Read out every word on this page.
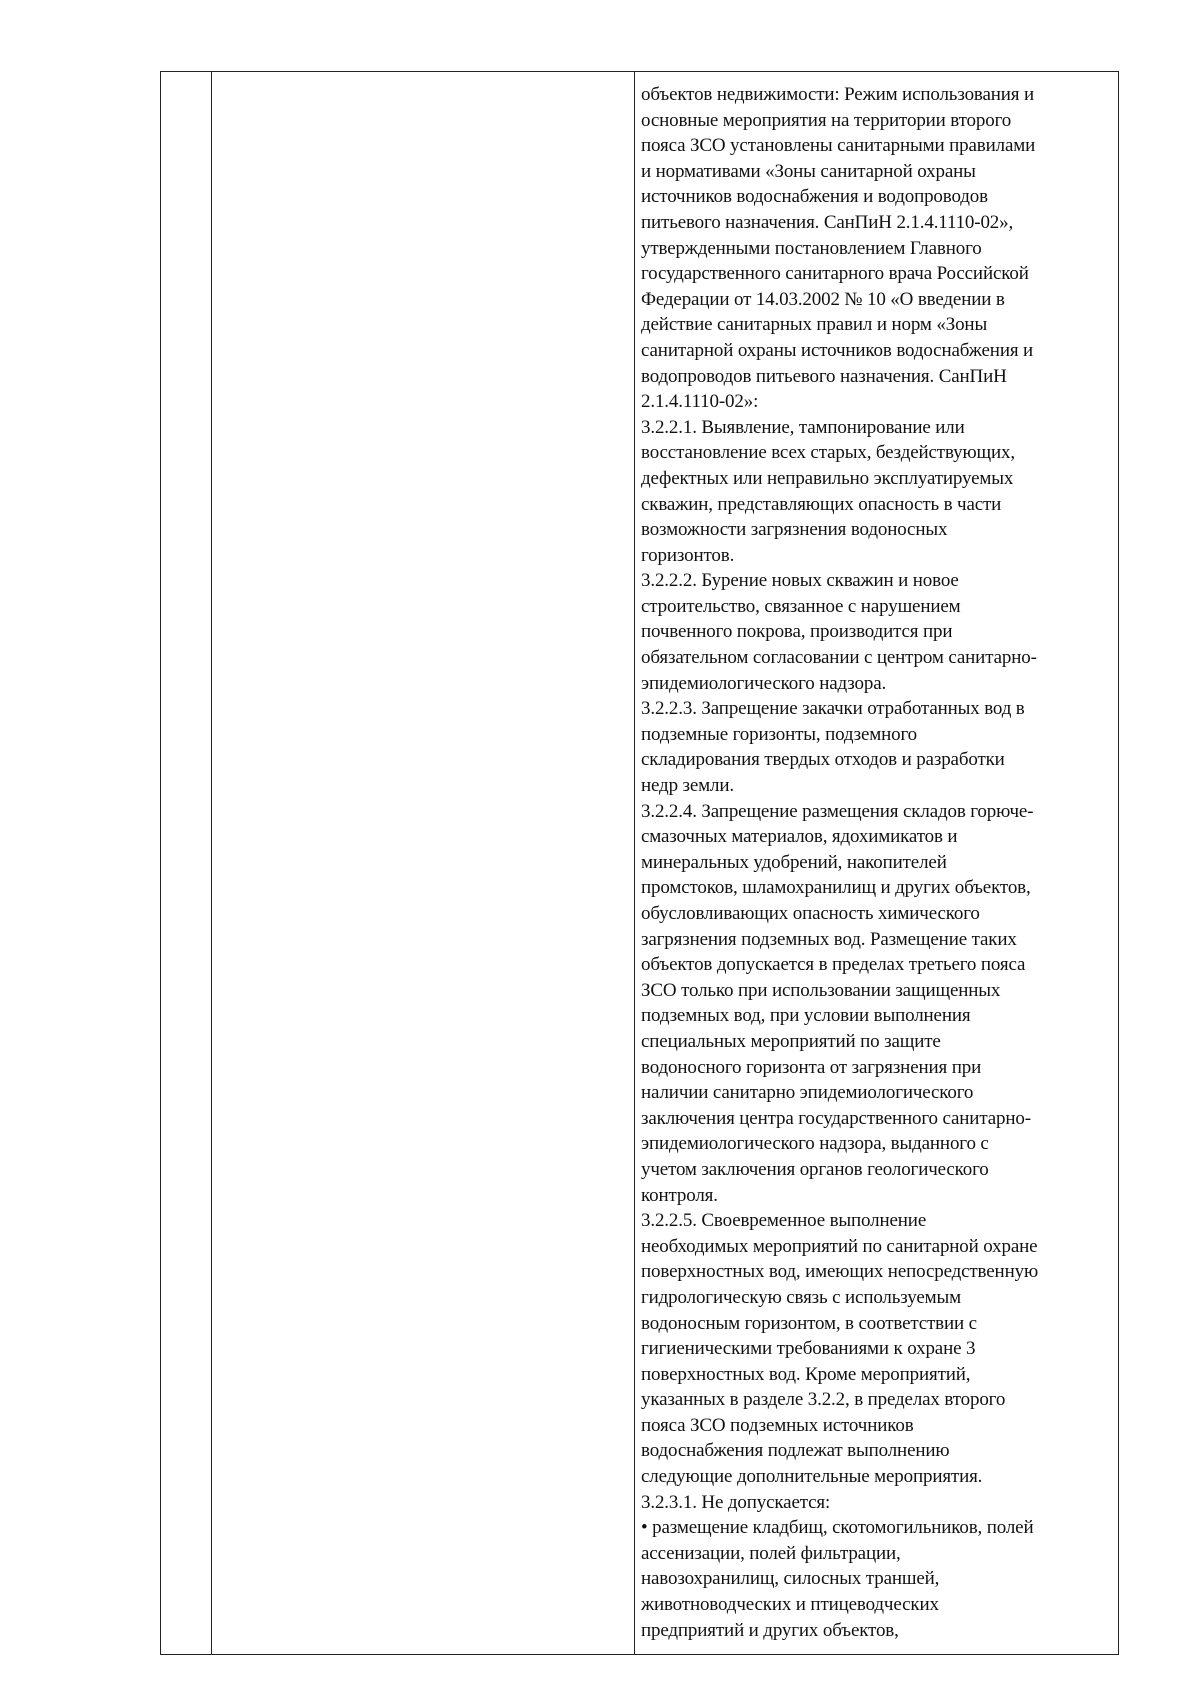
объектов недвижимости: Режим использования и

основные мероприятия на территории второго

пояса ЗСО установлены санитарными правилами

и нормативами «Зоны санитарной охраны

источников водоснабжения и водопроводов

питьевого назначения. СанПиН 2.1.4.1110-02»,

утвержденными постановлением Главного

государственного санитарного врача Российской

Федерации от 14.03.2002 № 10 «О введении в

действие санитарных правил и норм «Зоны

санитарной охраны источников водоснабжения и

водопроводов питьевого назначения. СанПиН

2.1.4.1110-02»:

3.2.2.1. Выявление, тампонирование или

восстановление всех старых, бездействующих,

дефектных или неправильно эксплуатируемых

скважин, представляющих опасность в части

возможности загрязнения водоносных

горизонтов.

3.2.2.2. Бурение новых скважин и новое

строительство, связанное с нарушением

почвенного покрова, производится при

обязательном согласовании с центром санитарно-

эпидемиологического надзора.

3.2.2.3. Запрещение закачки отработанных вод в

подземные горизонты, подземного

складирования твердых отходов и разработки

недр земли.

3.2.2.4. Запрещение размещения складов горюче-

смазочных материалов, ядохимикатов и

минеральных удобрений, накопителей

промстоков, шламохранилищ и других объектов,

обусловливающих опасность химического

загрязнения подземных вод. Размещение таких

объектов допускается в пределах третьего пояса

ЗСО только при использовании защищенных

подземных вод, при условии выполнения

специальных мероприятий по защите

водоносного горизонта от загрязнения при

наличии санитарно эпидемиологического

заключения центра государственного санитарно-

эпидемиологического надзора, выданного с

учетом заключения органов геологического

контроля.

3.2.2.5. Своевременное выполнение

необходимых мероприятий по санитарной охране

поверхностных вод, имеющих непосредственную

гидрологическую связь с используемым

водоносным горизонтом, в соответствии с

гигиеническими требованиями к охране 3

поверхностных вод. Кроме мероприятий,

указанных в разделе 3.2.2, в пределах второго

пояса ЗСО подземных источников

водоснабжения подлежат выполнению

следующие дополнительные мероприятия.

3.2.3.1. Не допускается:

• размещение кладбищ, скотомогильников, полей

ассенизации, полей фильтрации,

навозохранилищ, силосных траншей,

животноводческих и птицеводческих

предприятий и других объектов,
